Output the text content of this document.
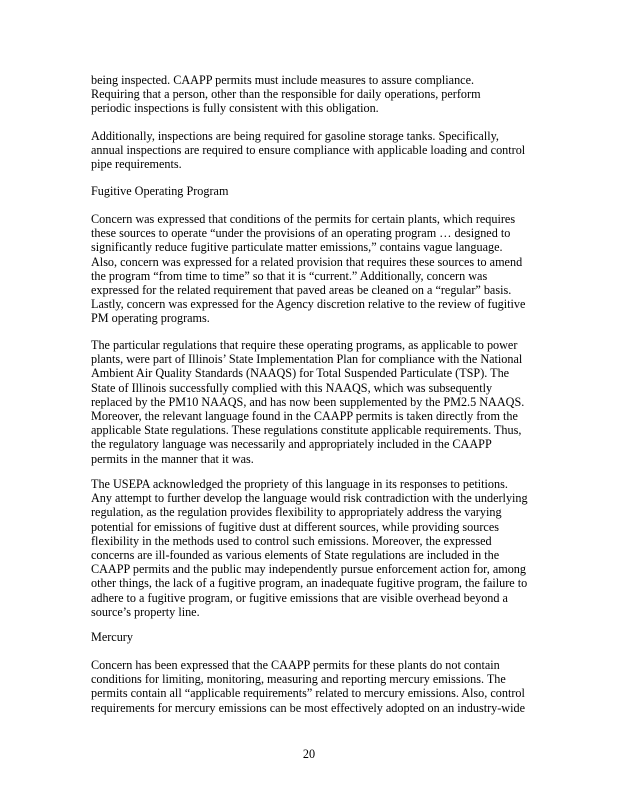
being inspected. CAAPP permits must include measures to assure compliance.
Requiring that a person, other than the responsible for daily operations, perform
periodic inspections is fully consistent with this obligation.

Additionally, inspections are being required for gasoline storage tanks. Specifically,
annual inspections are required to ensure compliance with applicable loading and control
pipe requirements.

Fugitive Operating Program

Concern was expressed that conditions of the permits for certain plants, which requires
these sources to operate “under the provisions of an operating program … designed to
significantly reduce fugitive particulate matter emissions,” contains vague language.
Also, concern was expressed for a related provision that requires these sources to amend
the program “from time to time” so that it is “current.” Additionally, concern was
expressed for the related requirement that paved areas be cleaned on a “regular” basis.
Lastly, concern was expressed for the Agency discretion relative to the review of fugitive
PM operating programs.

The particular regulations that require these operating programs, as applicable to power
plants, were part of Illinois’ State Implementation Plan for compliance with the National
Ambient Air Quality Standards (NAAQS) for Total Suspended Particulate (TSP). The
State of Illinois successfully complied with this NAAQS, which was subsequently
replaced by the PM10 NAAQS, and has now been supplemented by the PM2.5 NAAQS.
Moreover, the relevant language found in the CAAPP permits is taken directly from the
applicable State regulations. These regulations constitute applicable requirements. Thus,
the regulatory language was necessarily and appropriately included in the CAAPP
permits in the manner that it was.

The USEPA acknowledged the propriety of this language in its responses to petitions.
Any attempt to further develop the language would risk contradiction with the underlying
regulation, as the regulation provides flexibility to appropriately address the varying
potential for emissions of fugitive dust at different sources, while providing sources
flexibility in the methods used to control such emissions. Moreover, the expressed
concerns are ill-founded as various elements of State regulations are included in the
CAAPP permits and the public may independently pursue enforcement action for, among
other things, the lack of a fugitive program, an inadequate fugitive program, the failure to
adhere to a fugitive program, or fugitive emissions that are visible overhead beyond a
source’s property line.

Mercury

Concern has been expressed that the CAAPP permits for these plants do not contain
conditions for limiting, monitoring, measuring and reporting mercury emissions. The
permits contain all “applicable requirements” related to mercury emissions. Also, control
requirements for mercury emissions can be most effectively adopted on an industry-wide

20
